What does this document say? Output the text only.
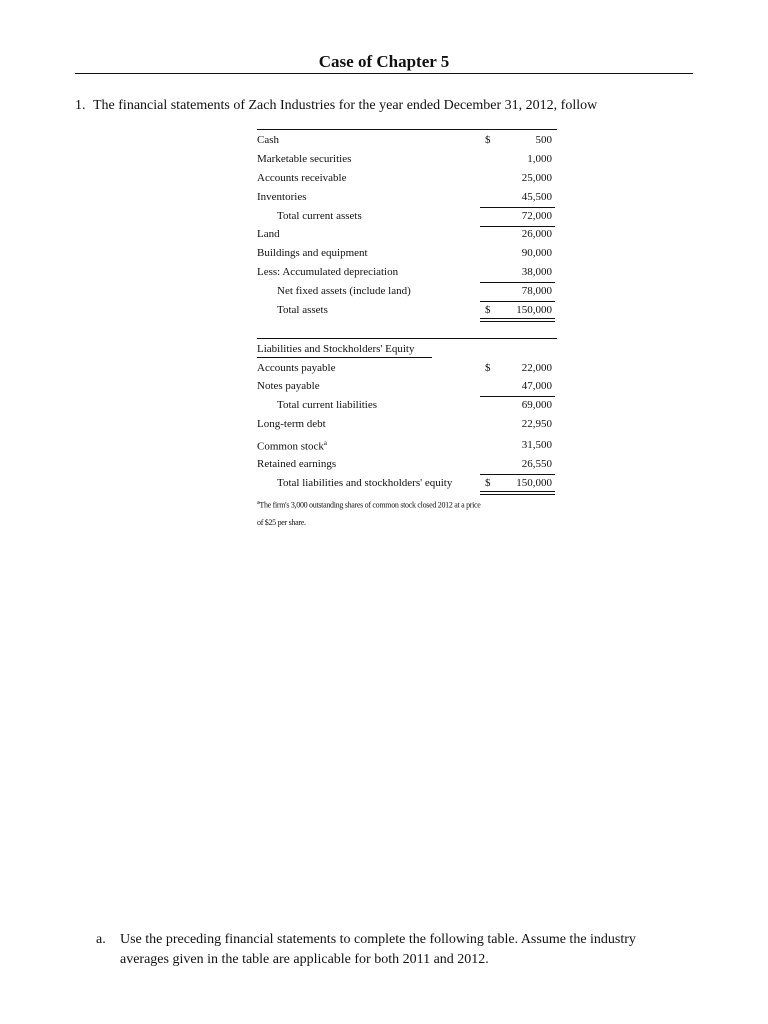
Case of Chapter 5
1. The financial statements of Zach Industries for the year ended December 31, 2012, follow
Cash	$	500
Marketable securities	1,000
Accounts receivable	25,000
Inventories	45,500
Total current assets	72,000
Land	26,000
Buildings and equipment	90,000
Less: Accumulated depreciation	38,000
Net fixed assets (include land)	78,000
Total assets	$ 150,000
Liabilities and Stockholders' Equity
Accounts payable	$	22,000
Notes payable	47,000
Total current liabilities	69,000
Long-term debt	22,950
Common stock$^a$	31,500
Retained earnings	26,550
Total liabilities and stockholders' equity	$ 150,000
$^a$The firm's 3,000 outstanding shares of common stock closed 2012 at a price
of $25 per share.
a. Use the preceding financial statements to complete the following table. Assume the industry averages given in the table are applicable for both 2011 and 2012.
